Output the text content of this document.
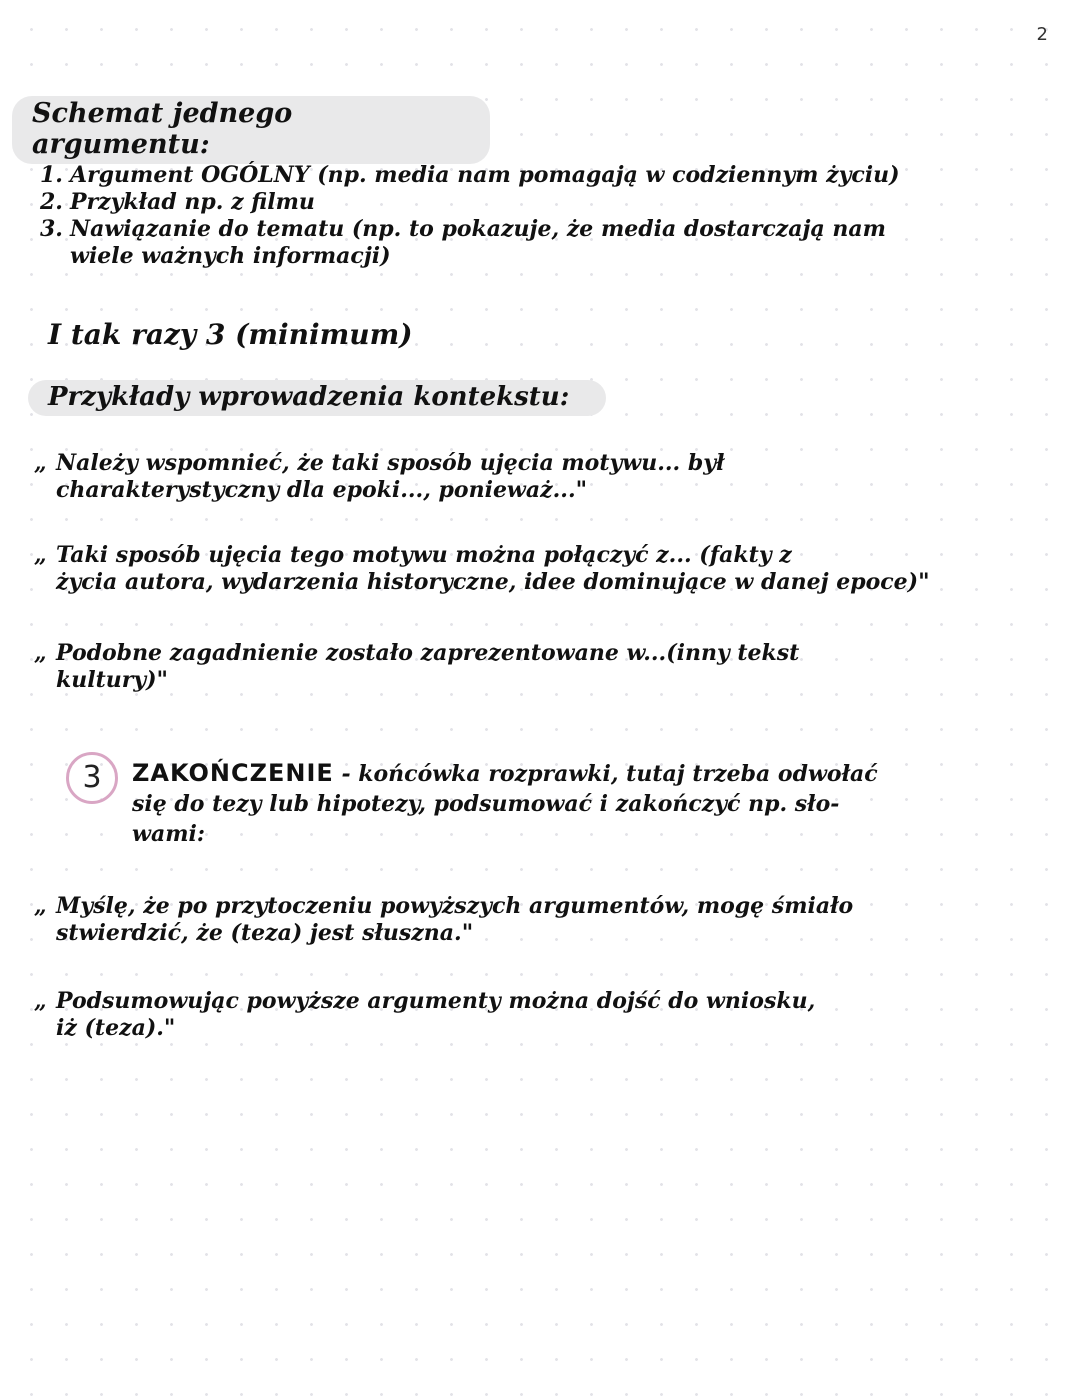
2
Schemat jednego argumentu:
1. Argument OGÓLNY (np. media nam pomagają w codziennym życiu)
2. Przykład np. z filmu
3. Nawiązanie do tematu (np. to pokazuje, że media dostarczają nam
wiele ważnych informacji)
I tak razy 3 (minimum)
Przykłady wprowadzenia kontekstu:
„ Należy wspomnieć, że taki sposób ujęcia motywu... był
charakterystyczny dla epoki..., ponieważ..."
„ Taki sposób ujęcia tego motywu można połączyć z... (fakty z
życia autora, wydarzenia historyczne, idee dominujące w danej epoce)"
„ Podobne zagadnienie zostało zaprezentowane w...(inny tekst
kultury)"
3	ZAKOŃCZENIE - końcówka rozprawki, tutaj trzeba odwołać
się do tezy lub hipotezy, podsumować i zakończyć np. sło-
wami:
„ Myślę, że po przytoczeniu powyższych argumentów, mogę śmiało
stwierdzić, że (teza) jest słuszna."
„ Podsumowując powyższe argumenty można dojść do wniosku,
iż (teza)."
